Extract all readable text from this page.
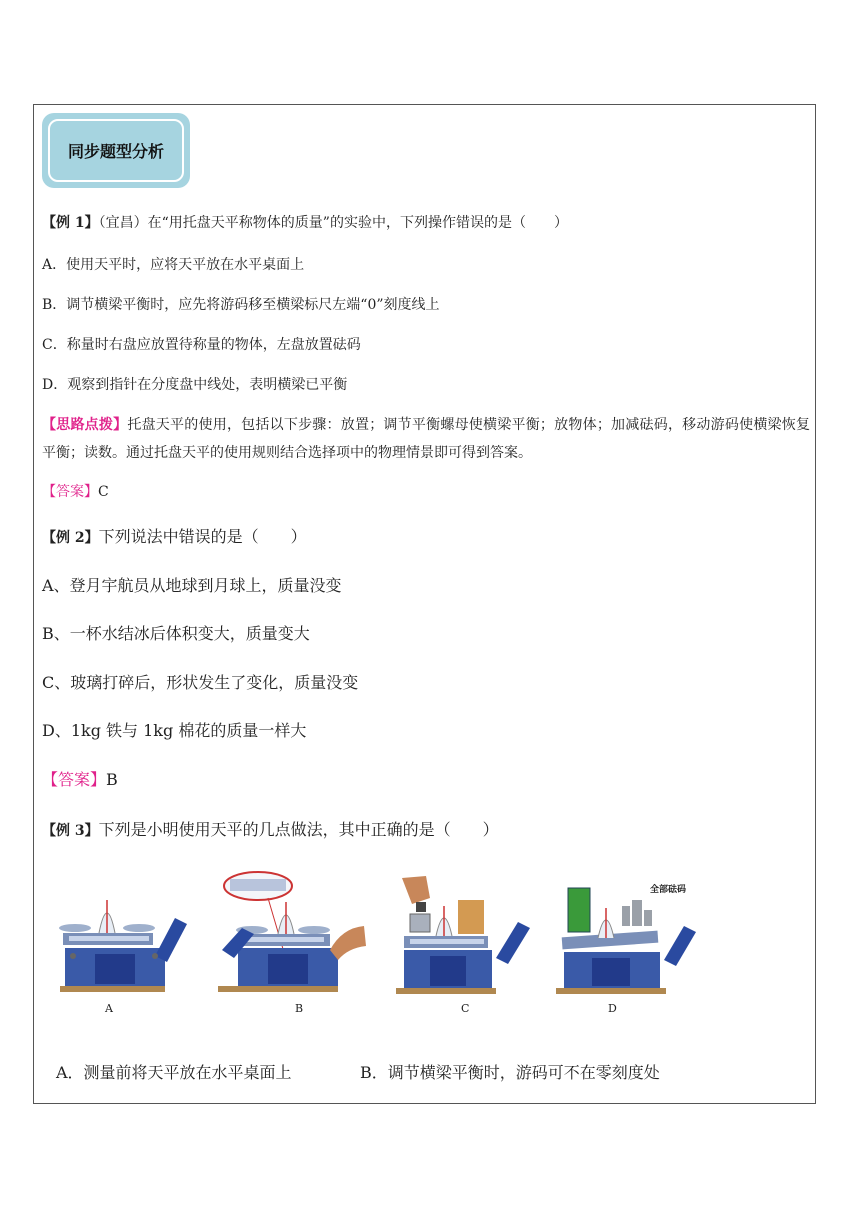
同步题型分析
【例 1】（宜昌）在“用托盘天平称物体的质量”的实验中，下列操作错误的是（　　）
A．使用天平时，应将天平放在水平桌面上
B．调节横梁平衡时，应先将游码移至横梁标尺左端“0”刻度线上
C．称量时右盘应放置待称量的物体，左盘放置砝码
D．观察到指针在分度盘中线处，表明横梁已平衡
【思路点拨】托盘天平的使用，包括以下步骤：放置；调节平衡螺母使横梁平衡；放物体；加减砝码，移动游码使横梁恢复平衡；读数。通过托盘天平的使用规则结合选择项中的物理情景即可得到答案。
【答案】C
【例 2】下列说法中错误的是（　　）
A、登月宇航员从地球到月球上，质量没变
B、一杯水结冰后体积变大，质量变大
C、玻璃打碎后，形状发生了变化，质量没变
D、1kg 铁与 1kg 棉花的质量一样大
【答案】B
【例 3】下列是小明使用天平的几点做法，其中正确的是（　　）
A	B	C
全部砝码
D
A．测量前将天平放在水平桌面上	B．调节横梁平衡时，游码可不在零刻度处
